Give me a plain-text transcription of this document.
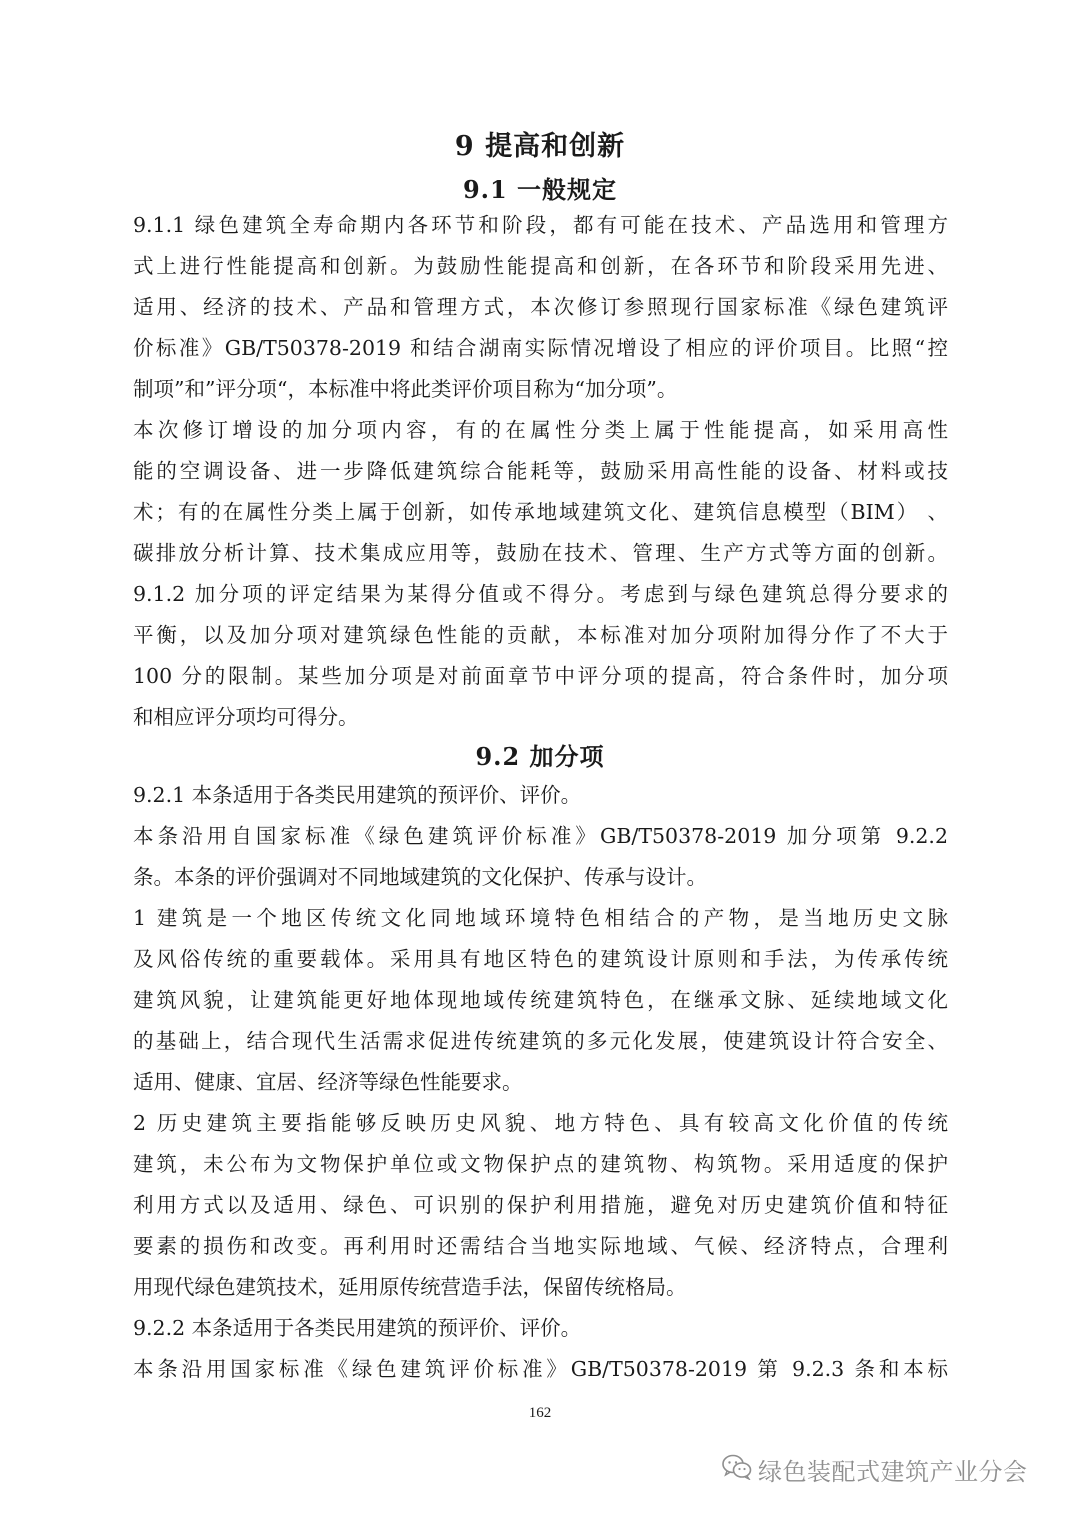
9 提高和创新
9.1 一般规定
9.1.1 绿色建筑全寿命期内各环节和阶段，都有可能在技术、产品选用和管理方
式上进行性能提高和创新。为鼓励性能提高和创新，在各环节和阶段采用先进、
适用、经济的技术、产品和管理方式，本次修订参照现行国家标准《绿色建筑评
价标准》GB/T50378-2019 和结合湖南实际情况增设了相应的评价项目。比照“控
制项”和”评分项“，本标准中将此类评价项目称为“加分项”。
本次修订增设的加分项内容，有的在属性分类上属于性能提高，如采用高性
能的空调设备、进一步降低建筑综合能耗等，鼓励采用高性能的设备、材料或技
术；有的在属性分类上属于创新，如传承地域建筑文化、建筑信息模型（BIM） 、
碳排放分析计算、技术集成应用等，鼓励在技术、管理、生产方式等方面的创新。
9.1.2 加分项的评定结果为某得分值或不得分。考虑到与绿色建筑总得分要求的
平衡，以及加分项对建筑绿色性能的贡献，本标准对加分项附加得分作了不大于
100 分的限制。某些加分项是对前面章节中评分项的提高，符合条件时，加分项
和相应评分项均可得分。
9.2 加分项
9.2.1 本条适用于各类民用建筑的预评价、评价。
本条沿用自国家标准《绿色建筑评价标准》GB/T50378-2019 加分项第 9.2.2
条。本条的评价强调对不同地域建筑的文化保护、传承与设计。
1 建筑是一个地区传统文化同地域环境特色相结合的产物，是当地历史文脉
及风俗传统的重要载体。采用具有地区特色的建筑设计原则和手法，为传承传统
建筑风貌，让建筑能更好地体现地域传统建筑特色，在继承文脉、延续地域文化
的基础上，结合现代生活需求促进传统建筑的多元化发展，使建筑设计符合安全、
适用、健康、宜居、经济等绿色性能要求。
2 历史建筑主要指能够反映历史风貌、地方特色、具有较高文化价值的传统
建筑，未公布为文物保护单位或文物保护点的建筑物、构筑物。采用适度的保护
利用方式以及适用、绿色、可识别的保护利用措施，避免对历史建筑价值和特征
要素的损伤和改变。再利用时还需结合当地实际地域、气候、经济特点，合理利
用现代绿色建筑技术，延用原传统营造手法，保留传统格局。
9.2.2 本条适用于各类民用建筑的预评价、评价。
本条沿用国家标准《绿色建筑评价标准》GB/T50378-2019 第 9.2.3 条和本标
162
绿色装配式建筑产业分会
